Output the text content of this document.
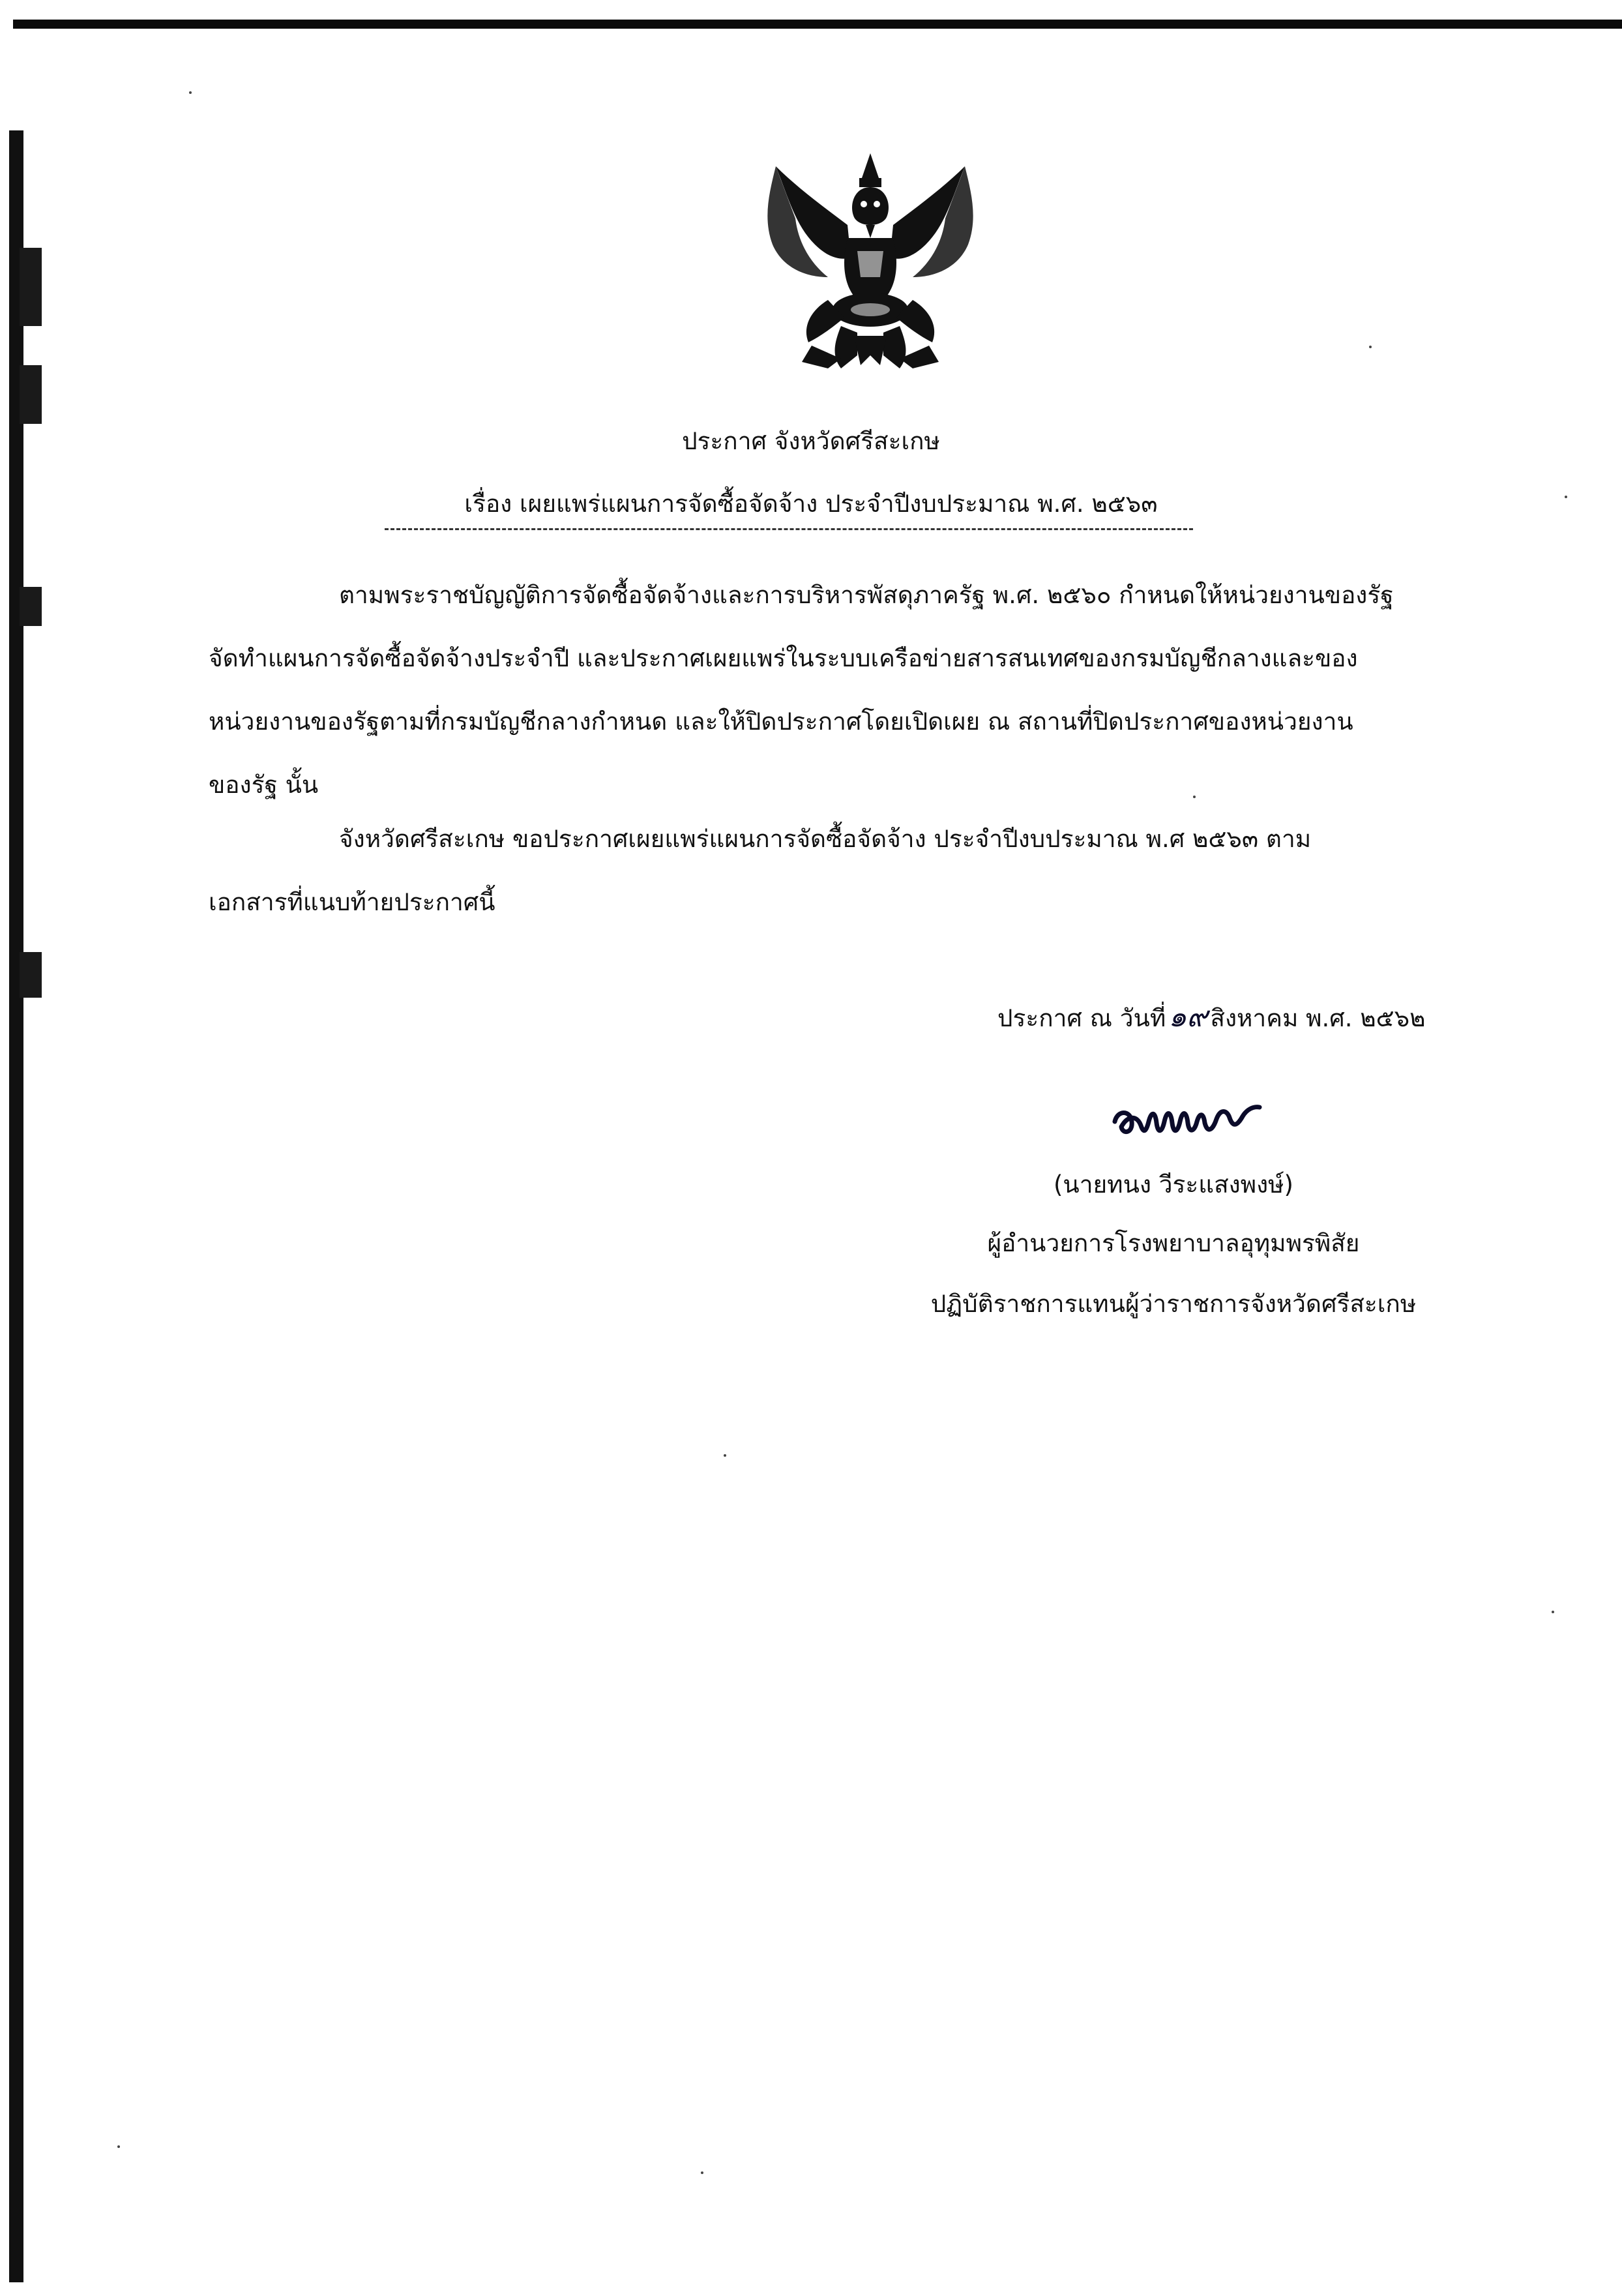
ประกาศ จังหวัดศรีสะเกษ
เรื่อง เผยแพร่แผนการจัดซื้อจัดจ้าง ประจำปีงบประมาณ พ.ศ. ๒๕๖๓
ตามพระราชบัญญัติการจัดซื้อจัดจ้างและการบริหารพัสดุภาครัฐ พ.ศ. ๒๕๖๐ กำหนดให้หน่วยงานของรัฐ
จัดทำแผนการจัดซื้อจัดจ้างประจำปี และประกาศเผยแพร่ในระบบเครือข่ายสารสนเทศของกรมบัญชีกลางและของ
หน่วยงานของรัฐตามที่กรมบัญชีกลางกำหนด และให้ปิดประกาศโดยเปิดเผย ณ สถานที่ปิดประกาศของหน่วยงาน
ของรัฐ นั้น
จังหวัดศรีสะเกษ ขอประกาศเผยแพร่แผนการจัดซื้อจัดจ้าง ประจำปีงบประมาณ พ.ศ ๒๕๖๓ ตาม
เอกสารที่แนบท้ายประกาศนี้
ประกาศ ณ วันที่๑๙ สิงหาคม พ.ศ. ๒๕๖๒
(นายทนง วีระแสงพงษ์)
ผู้อำนวยการโรงพยาบาลอุทุมพรพิสัย
ปฏิบัติราชการแทนผู้ว่าราชการจังหวัดศรีสะเกษ
